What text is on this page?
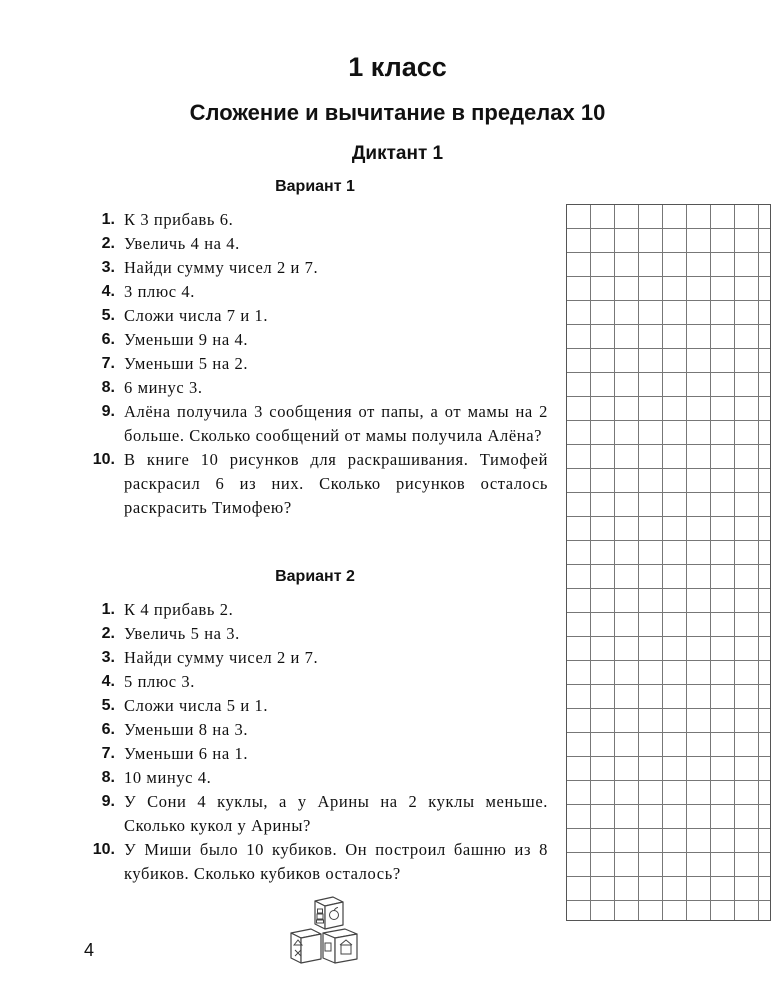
1 класс
Сложение и вычитание в пределах 10
Диктант 1
Вариант 1
1. К 3 прибавь 6.
2. Увеличь 4 на 4.
3. Найди сумму чисел 2 и 7.
4. 3 плюс 4.
5. Сложи числа 7 и 1.
6. Уменьши 9 на 4.
7. Уменьши 5 на 2.
8. 6 минус 3.
9. Алёна получила 3 сообщения от папы, а от мамы на 2 больше. Сколько сообщений от мамы получила Алёна?
10. В книге 10 рисунков для раскрашивания. Тимофей раскрасил 6 из них. Сколько рисунков осталось раскрасить Тимофею?
Вариант 2
1. К 4 прибавь 2.
2. Увеличь 5 на 3.
3. Найди сумму чисел 2 и 7.
4. 5 плюс 3.
5. Сложи числа 5 и 1.
6. Уменьши 8 на 3.
7. Уменьши 6 на 1.
8. 10 минус 4.
9. У Сони 4 куклы, а у Арины на 2 куклы меньше. Сколько кукол у Арины?
10. У Миши было 10 кубиков. Он построил башню из 8 кубиков. Сколько кубиков осталось?
4
